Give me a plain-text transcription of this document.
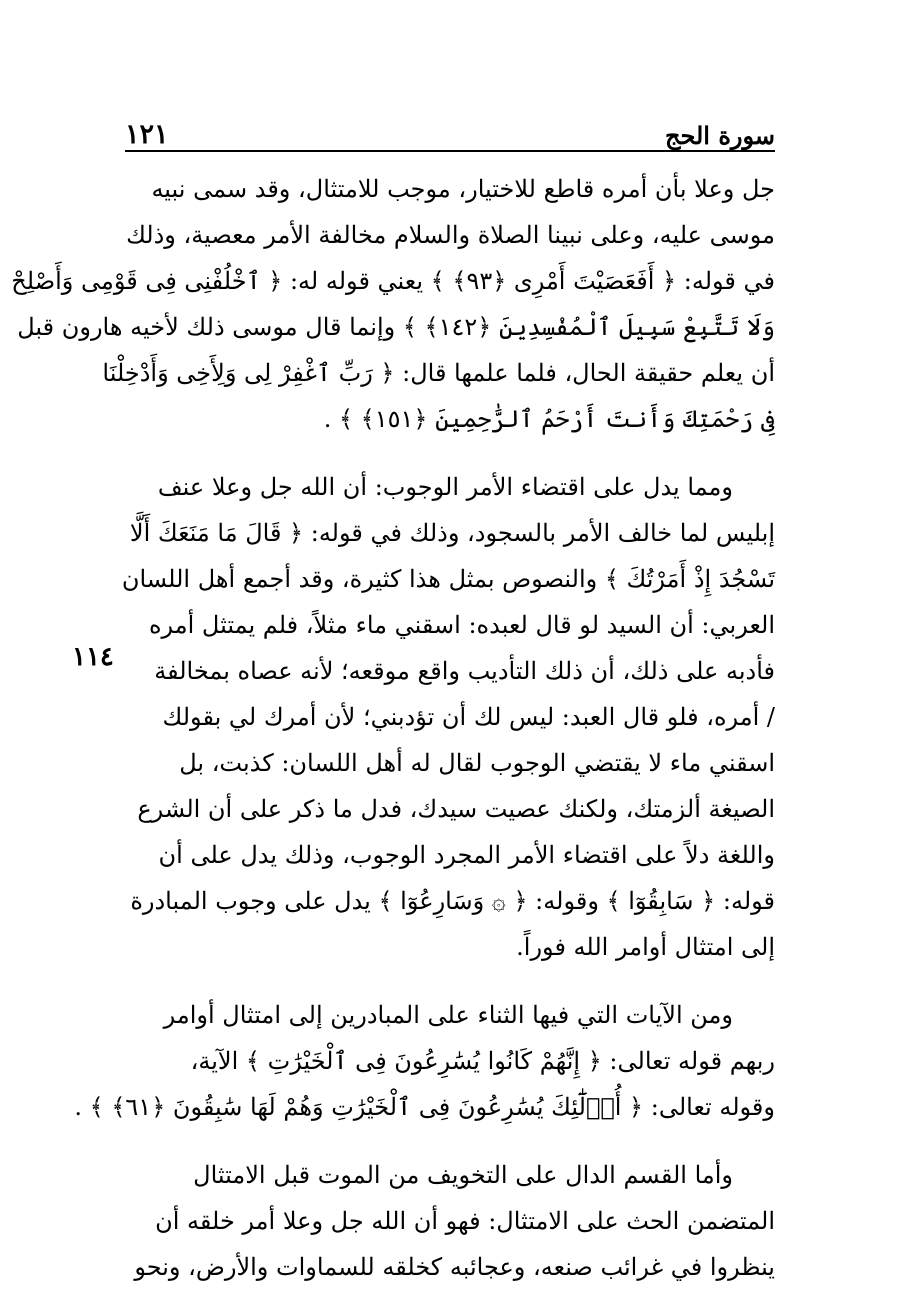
سورة الحج
١٢١
١١٤
جل وعلا بأن أمره قاطع للاختيار، موجب للامتثال، وقد سمى نبيه
موسى عليه، وعلى نبينا الصلاة والسلام مخالفة الأمر معصية، وذلك
في قوله: ﴿ أَفَعَصَيْتَ أَمْرِى ﴿٩٣﴾ ﴾ يعني قوله له: ﴿ ٱخْلُفْنِى فِى قَوْمِى وَأَصْلِحْ
وَلَا تَتَّبِعْ سَبِيلَ ٱلْمُفْسِدِينَ ﴿١٤٢﴾ ﴾ وإنما قال موسى ذلك لأخيه هارون قبل
أن يعلم حقيقة الحال، فلما علمها قال: ﴿ رَبِّ ٱغْفِرْ لِى وَلِأَخِى وَأَدْخِلْنَا
فِى رَحْمَتِكَ وَأَنتَ أَرْحَمُ ٱلرَّٰحِمِينَ ﴿١٥١﴾ ﴾ .
ومما يدل على اقتضاء الأمر الوجوب: أن الله جل وعلا عنف
إبليس لما خالف الأمر بالسجود، وذلك في قوله: ﴿ قَالَ مَا مَنَعَكَ أَلَّا
تَسْجُدَ إِذْ أَمَرْتُكَ ﴾ والنصوص بمثل هذا كثيرة، وقد أجمع أهل اللسان
العربي: أن السيد لو قال لعبده: اسقني ماء مثلاً، فلم يمتثل أمره
فأدبه على ذلك، أن ذلك التأديب واقع موقعه؛ لأنه عصاه بمخالفة
/ أمره، فلو قال العبد: ليس لك أن تؤدبني؛ لأن أمرك لي بقولك
اسقني ماء لا يقتضي الوجوب لقال له أهل اللسان: كذبت، بل
الصيغة ألزمتك، ولكنك عصيت سيدك، فدل ما ذكر على أن الشرع
واللغة دلاً على اقتضاء الأمر المجرد الوجوب، وذلك يدل على أن
قوله: ﴿ سَابِقُوٓا ﴾ وقوله: ﴿ ۞ وَسَارِعُوٓا ﴾ يدل على وجوب المبادرة
إلى امتثال أوامر الله فوراً.
ومن الآيات التي فيها الثناء على المبادرين إلى امتثال أوامر
ربهم قوله تعالى: ﴿ إِنَّهُمْ كَانُوا يُسَٰرِعُونَ فِى ٱلْخَيْرَٰتِ ﴾ الآية،
وقوله تعالى: ﴿ أُو۟لَٰٓئِكَ يُسَٰرِعُونَ فِى ٱلْخَيْرَٰتِ وَهُمْ لَهَا سَٰبِقُونَ ﴿٦١﴾ ﴾ .
وأما القسم الدال على التخويف من الموت قبل الامتثال
المتضمن الحث على الامتثال: فهو أن الله جل وعلا أمر خلقه أن
ينظروا في غرائب صنعه، وعجائبه كخلقه للسماوات والأرض، ونحو
